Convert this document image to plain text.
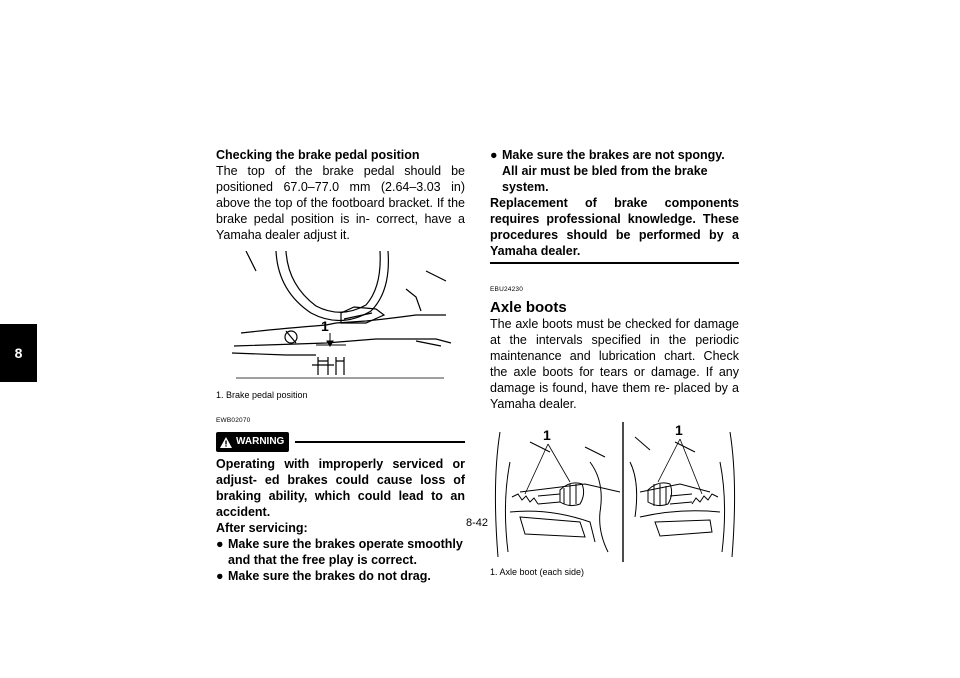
8
Checking the brake pedal position
The top of the brake pedal should be positioned 67.0–77.0 mm (2.64–3.03 in) above the top of the footboard bracket. If the brake pedal position is in- correct, have a Yamaha dealer adjust it.
1
1. Brake pedal position
EWB02070
WARNING
Operating with improperly serviced or adjust- ed brakes could cause loss of braking ability, which could lead to an accident.
After servicing:
● Make sure the brakes operate smoothly and that the free play is correct.
● Make sure the brakes do not drag.
● Make sure the brakes are not spongy. All air must be bled from the brake system.
Replacement of brake components requires professional knowledge. These procedures should be performed by a Yamaha dealer.
EBU24230
Axle boots
The axle boots must be checked for damage at the intervals specified in the periodic maintenance and lubrication chart. Check the axle boots for tears or damage. If any damage is found, have them re- placed by a Yamaha dealer.
1	1
1. Axle boot (each side)
8-42
